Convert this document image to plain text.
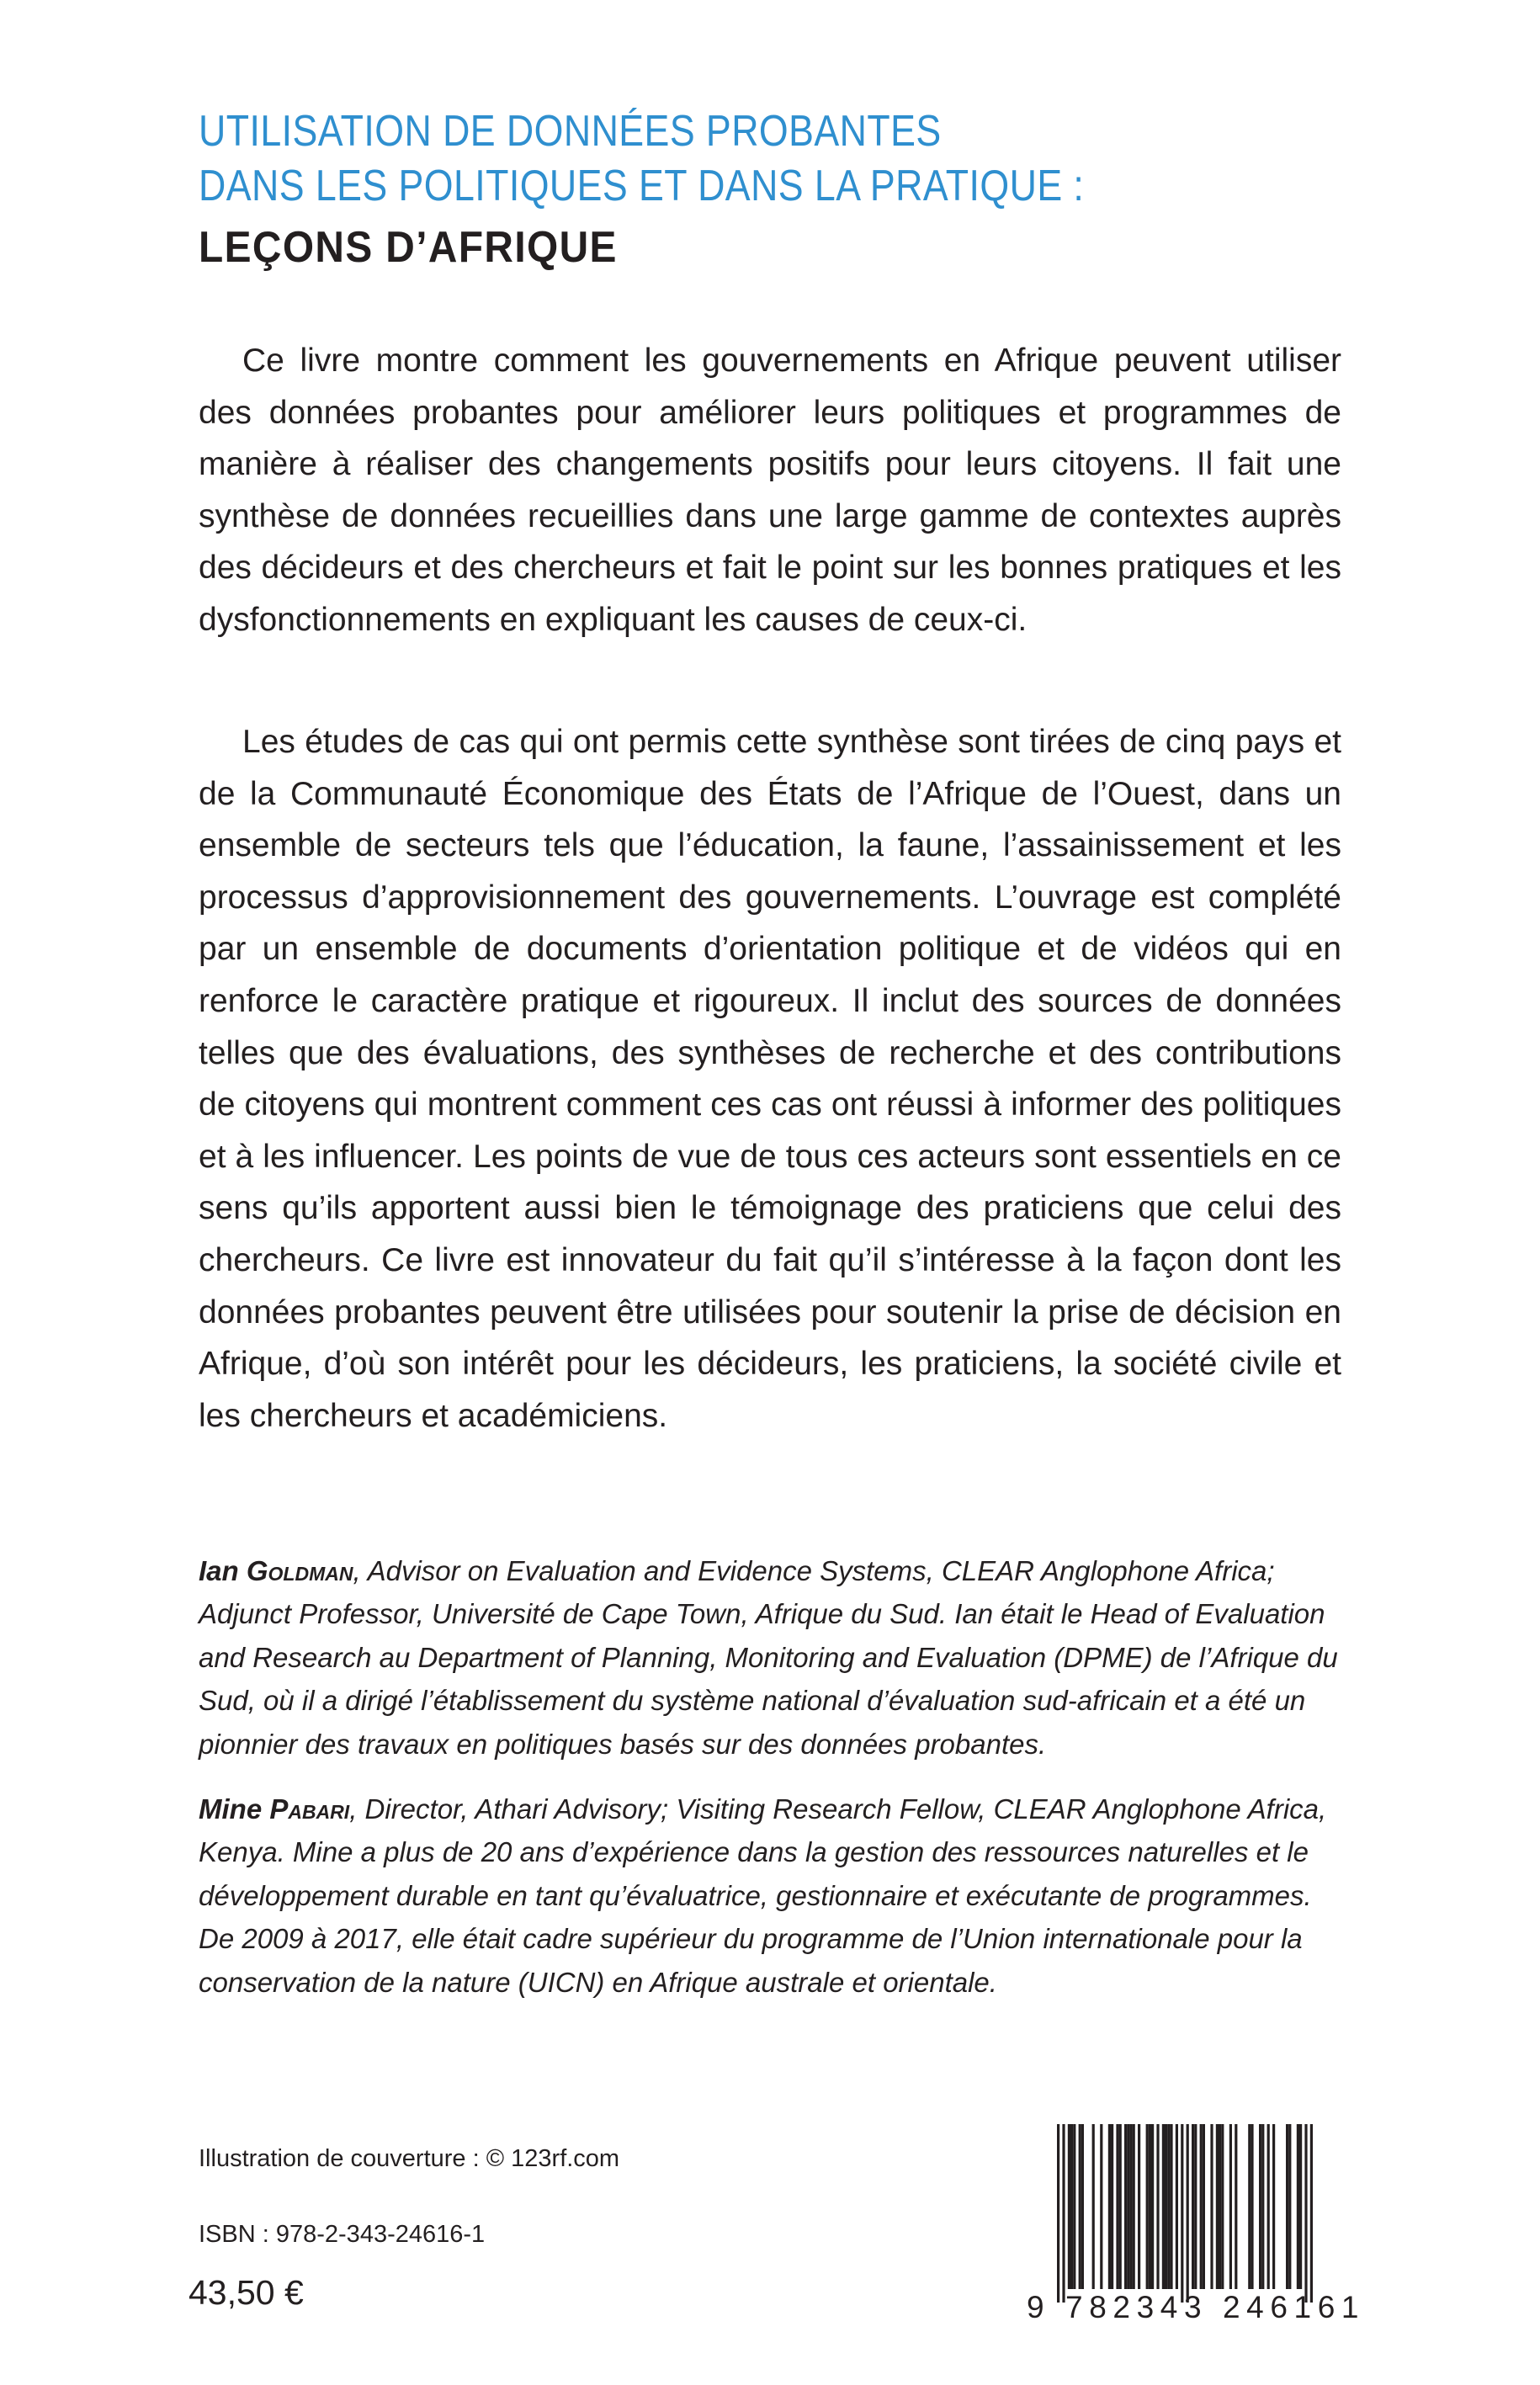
UTILISATION DE DONNÉES PROBANTES
DANS LES POLITIQUES ET DANS LA PRATIQUE :
LEÇONS D’AFRIQUE

Ce livre montre comment les gouvernements en Afrique peuvent utiliser des données probantes pour améliorer leurs politiques et programmes de manière à réaliser des changements positifs pour leurs citoyens. Il fait une synthèse de données recueillies dans une large gamme de contextes auprès des décideurs et des chercheurs et fait le point sur les bonnes pratiques et les dysfonctionnements en expliquant les causes de ceux-ci.

Les études de cas qui ont permis cette synthèse sont tirées de cinq pays et de la Communauté Économique des États de l’Afrique de l’Ouest, dans un ensemble de secteurs tels que l’éducation, la faune, l’assainissement et les processus d’approvisionnement des gouvernements. L’ouvrage est complété par un ensemble de documents d’orientation politique et de vidéos qui en renforce le caractère pratique et rigoureux. Il inclut des sources de données telles que des évaluations, des synthèses de recherche et des contributions de citoyens qui montrent comment ces cas ont réussi à informer des politiques et à les influencer. Les points de vue de tous ces acteurs sont essentiels en ce sens qu’ils apportent aussi bien le témoignage des praticiens que celui des chercheurs. Ce livre est innovateur du fait qu’il s’intéresse à la façon dont les données probantes peuvent être utilisées pour soutenir la prise de décision en Afrique, d’où son intérêt pour les décideurs, les praticiens, la société civile et les chercheurs et académiciens.

Ian Goldman, Advisor on Evaluation and Evidence Systems, CLEAR Anglophone Africa; Adjunct Professor, Université de Cape Town, Afrique du Sud. Ian était le Head of Evaluation and Research au Department of Planning, Monitoring and Evaluation (DPME) de l’Afrique du Sud, où il a dirigé l’établissement du système national d’évaluation sud-africain et a été un pionnier des travaux en politiques basés sur des données probantes.

Mine Pabari, Director, Athari Advisory; Visiting Research Fellow, CLEAR Anglophone Africa, Kenya. Mine a plus de 20 ans d’expérience dans la gestion des ressources naturelles et le développement durable en tant qu’évaluatrice, gestionnaire et exécutante de programmes. De 2009 à 2017, elle était cadre supérieur du programme de l’Union internationale pour la conservation de la nature (UICN) en Afrique australe et orientale.

Illustration de couverture : © 123rf.com

ISBN : 978-2-343-24616-1

43,50 €	9 782343 246161
